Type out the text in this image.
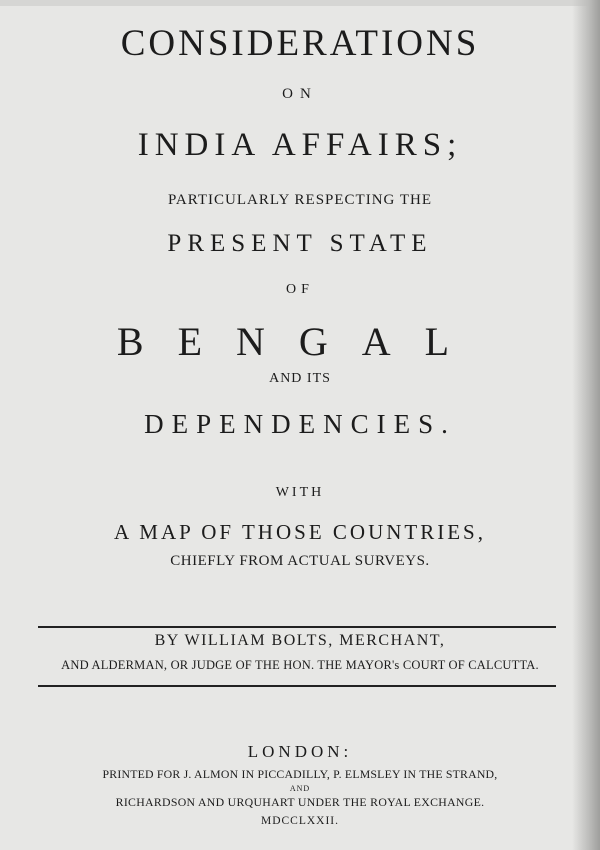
CONSIDERATIONS
ON
INDIA AFFAIRS;
PARTICULARLY RESPECTING THE
PRESENT STATE
OF
BENGAL
AND ITS
DEPENDENCIES.
WITH
A MAP OF THOSE COUNTRIES,
CHIEFLY FROM ACTUAL SURVEYS.
BY WILLIAM BOLTS, MERCHANT,
AND ALDERMAN, OR JUDGE OF THE HON. THE MAYOR's COURT OF CALCUTTA.
LONDON:
PRINTED FOR J. ALMON IN PICCADILLY, P. ELMSLEY IN THE STRAND,
AND
RICHARDSON AND URQUHART UNDER THE ROYAL EXCHANGE.
MDCCLXXII.
